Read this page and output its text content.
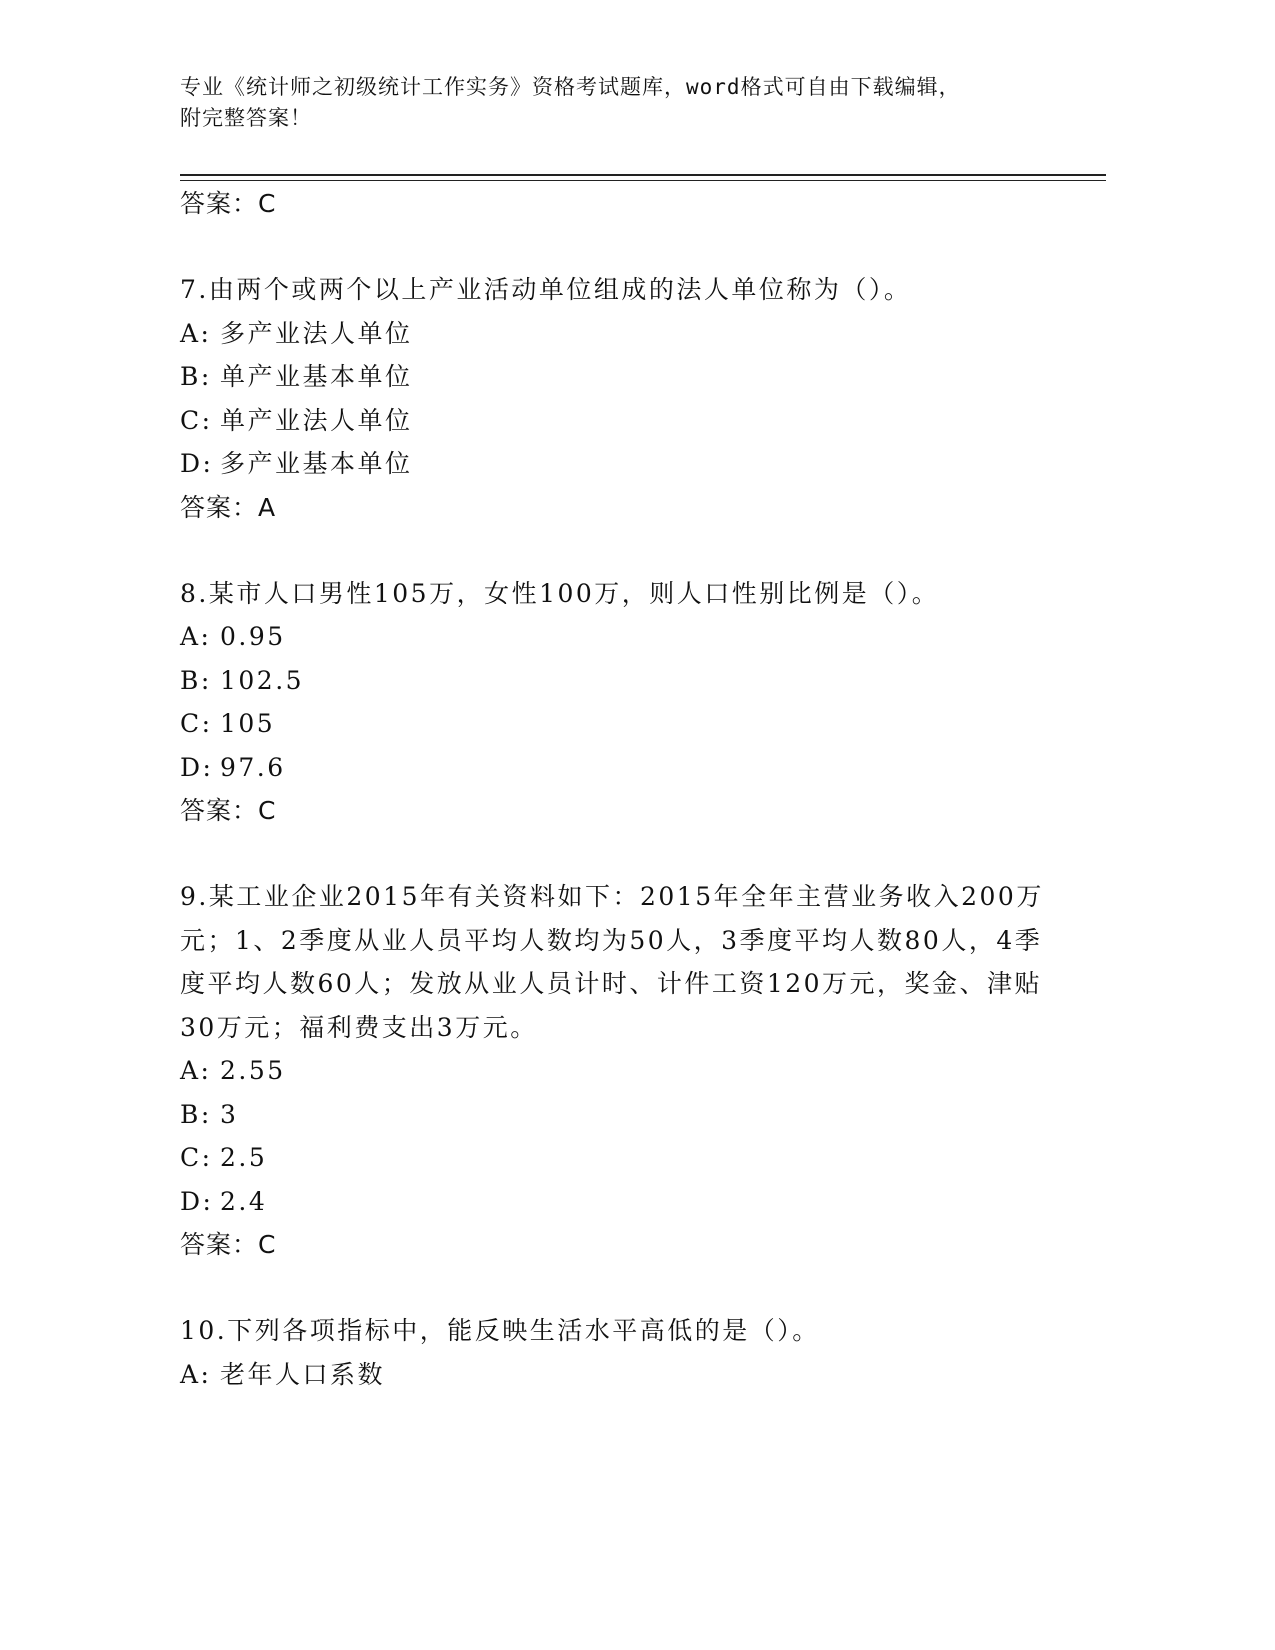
专业《统计师之初级统计工作实务》资格考试题库，word格式可自由下载编辑，
附完整答案！
答案：C
7.由两个或两个以上产业活动单位组成的法人单位称为（）。
A: 多产业法人单位
B: 单产业基本单位
C: 单产业法人单位
D: 多产业基本单位
答案：A
8.某市人口男性105万，女性100万，则人口性别比例是（）。
A: 0.95
B: 102.5
C: 105
D: 97.6
答案：C
9.某工业企业2015年有关资料如下：2015年全年主营业务收入200万元；1、2季度从业人员平均人数均为50人，3季度平均人数80人，4季度平均人数60人；发放从业人员计时、计件工资120万元，奖金、津贴30万元；福利费支出3万元。
A: 2.55
B: 3
C: 2.5
D: 2.4
答案：C
10.下列各项指标中，能反映生活水平高低的是（）。
A: 老年人口系数
